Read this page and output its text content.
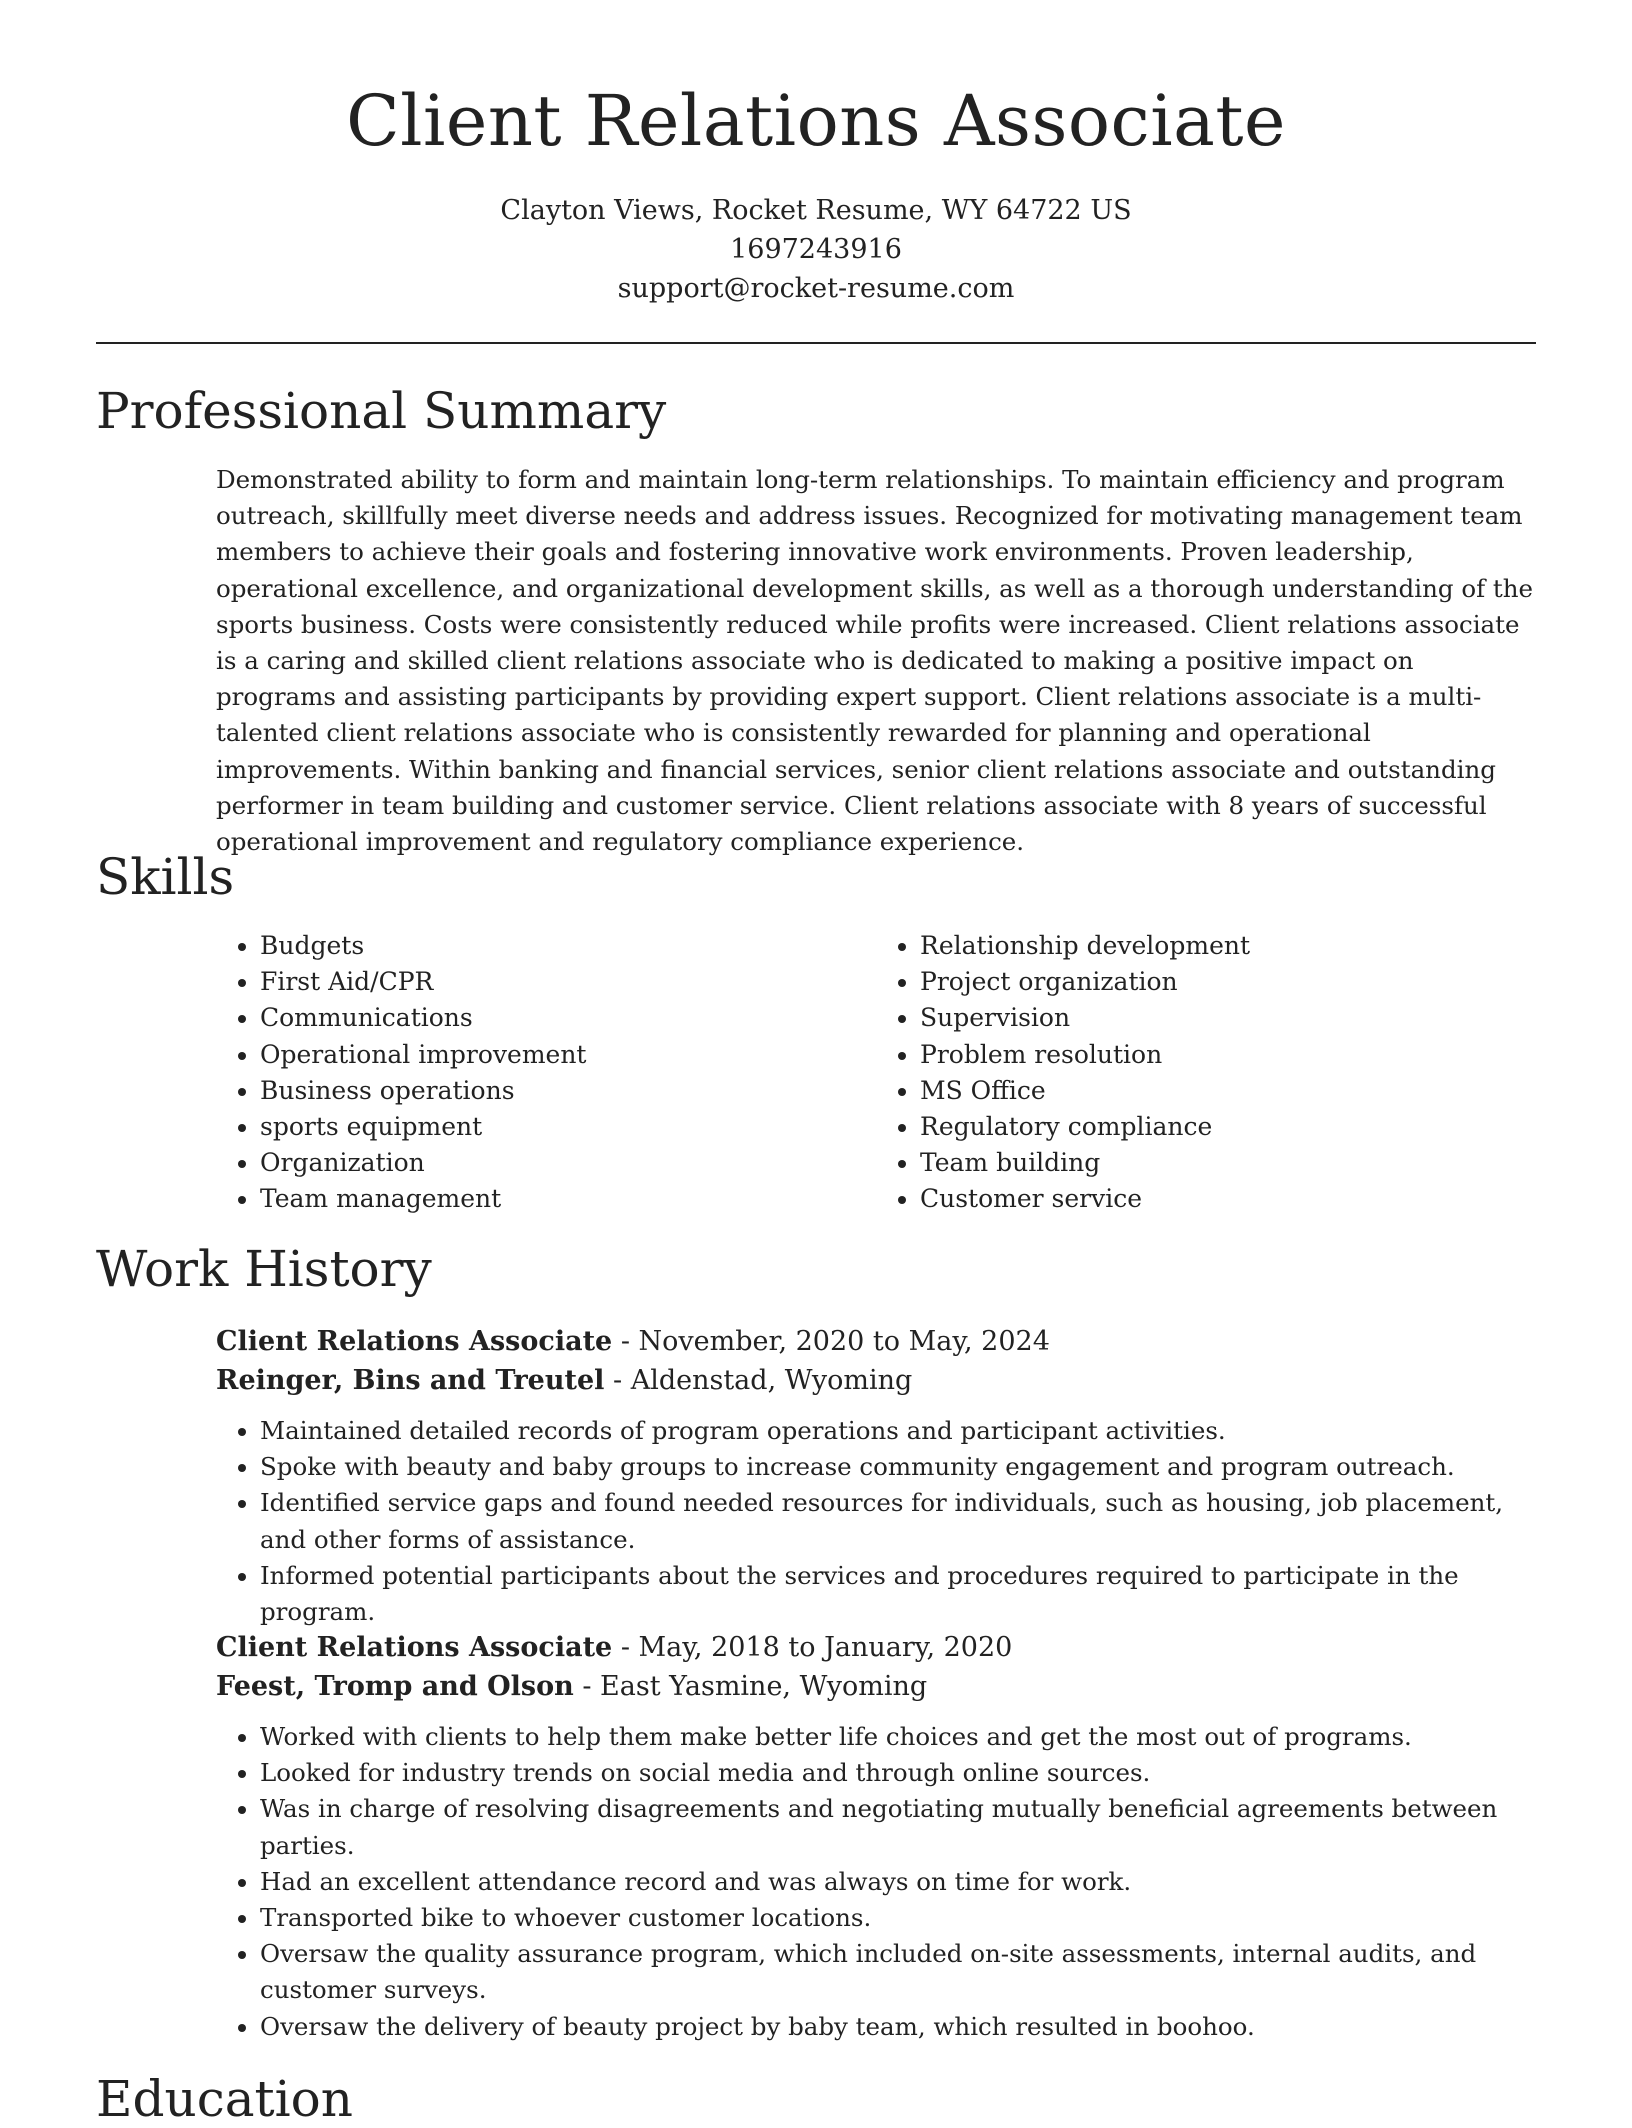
Client Relations Associate
Clayton Views, Rocket Resume, WY 64722 US
1697243916
support@rocket-resume.com
Professional Summary

Demonstrated ability to form and maintain long-term relationships. To maintain efficiency and program outreach, skillfully meet diverse needs and address issues. Recognized for motivating management team members to achieve their goals and fostering innovative work environments. Proven leadership, operational excellence, and organizational development skills, as well as a thorough understanding of the sports business. Costs were consistently reduced while profits were increased. Client relations associate is a caring and skilled client relations associate who is dedicated to making a positive impact on programs and assisting participants by providing expert support. Client relations associate is a multi-talented client relations associate who is consistently rewarded for planning and operational improvements. Within banking and financial services, senior client relations associate and outstanding performer in team building and customer service. Client relations associate with 8 years of successful operational improvement and regulatory compliance experience.

Skills
• Budgets
• First Aid/CPR
• Communications
• Operational improvement
• Business operations
• sports equipment
• Organization
• Team management
• Relationship development
• Project organization
• Supervision
• Problem resolution
• MS Office
• Regulatory compliance
• Team building
• Customer service
Work History
Client Relations Associate - November, 2020 to May, 2024
Reinger, Bins and Treutel - Aldenstad, Wyoming
• Maintained detailed records of program operations and participant activities.
• Spoke with beauty and baby groups to increase community engagement and program outreach.
• Identified service gaps and found needed resources for individuals, such as housing, job placement, and other forms of assistance.
• Informed potential participants about the services and procedures required to participate in the program.
Client Relations Associate - May, 2018 to January, 2020
Feest, Tromp and Olson - East Yasmine, Wyoming
• Worked with clients to help them make better life choices and get the most out of programs.
• Looked for industry trends on social media and through online sources.
• Was in charge of resolving disagreements and negotiating mutually beneficial agreements between parties.
• Had an excellent attendance record and was always on time for work.
• Transported bike to whoever customer locations.
• Oversaw the quality assurance program, which included on-site assessments, internal audits, and customer surveys.
• Oversaw the delivery of beauty project by baby team, which resulted in boohoo.
Education
